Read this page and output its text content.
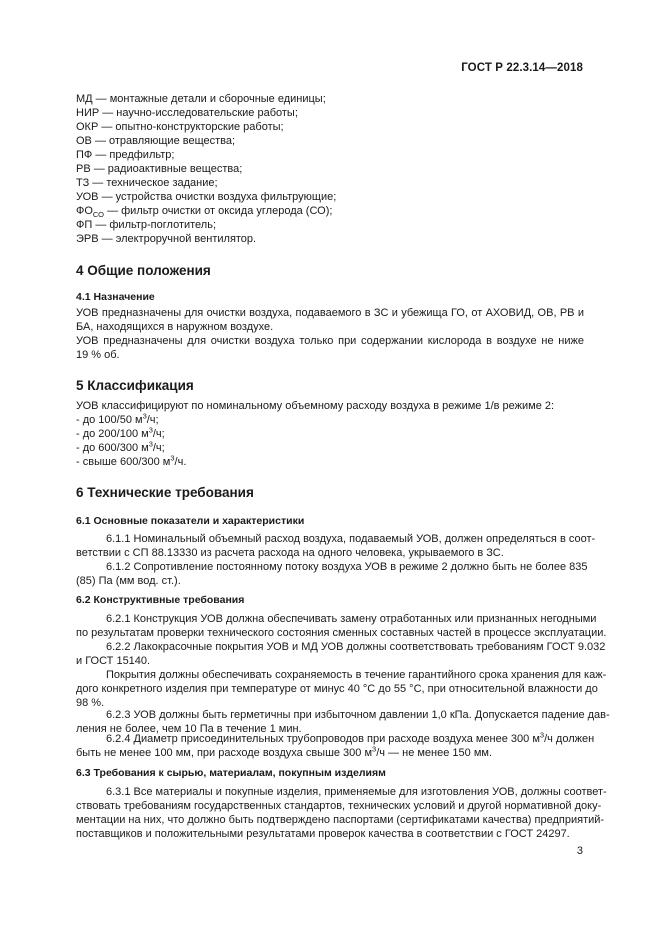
ГОСТ Р 22.3.14—2018
МД — монтажные детали и сборочные единицы;
НИР — научно-исследовательские работы;
ОКР — опытно-конструкторские работы;
ОВ — отравляющие вещества;
ПФ — предфильтр;
РВ — радиоактивные вещества;
ТЗ — техническое задание;
УОВ — устройства очистки воздуха фильтрующие;
$ФО_{СО}$ — фильтр очистки от оксида углерода (СО);
ФП — фильтр-поглотитель;
ЭРВ — электроручной вентилятор.
4 Общие положения
4.1 Назначение
УОВ предназначены для очистки воздуха, подаваемого в ЗС и убежища ГО, от АХОВИД, ОВ, РВ и
БА, находящихся в наружном воздухе.
УОВ предназначены для очистки воздуха только при содержании кислорода в воздухе не ниже
19 % об.
5 Классификация
УОВ классифицируют по номинальному объемному расходу воздуха в режиме 1/в режиме 2:
- до 100/50 $м^3/ч$;
- до 200/100 $м^3/ч$;
- до 600/300 $м^3/ч$;
- свыше 600/300 $м^3/ч$.
6 Технические требования
6.1 Основные показатели и характеристики
6.1.1 Номинальный объемный расход воздуха, подаваемый УОВ, должен определяться в соот-
ветствии с СП 88.13330 из расчета расхода на одного человека, укрываемого в ЗС.
6.1.2 Сопротивление постоянному потоку воздуха УОВ в режиме 2 должно быть не более 835
(85) Па (мм вод. ст.).
6.2 Конструктивные требования
6.2.1 Конструкция УОВ должна обеспечивать замену отработанных или признанных негодными
по результатам проверки технического состояния сменных составных частей в процессе эксплуатации.
6.2.2 Лакокрасочные покрытия УОВ и МД УОВ должны соответствовать требованиям ГОСТ 9.032
и ГОСТ 15140.
Покрытия должны обеспечивать сохраняемость в течение гарантийного срока хранения для каж-
дого конкретного изделия при температуре от минус 40 °С до 55 °С, при относительной влажности до
98 %.
6.2.3 УОВ должны быть герметичны при избыточном давлении 1,0 кПа. Допускается падение дав-
ления не более, чем 10 Па в течение 1 мин.
6.2.4 Диаметр присоединительных трубопроводов при расходе воздуха менее 300 $м^3/ч$ должен
быть не менее 100 мм, при расходе воздуха свыше 300 $м^3/ч$ — не менее 150 мм.
6.3 Требования к сырью, материалам, покупным изделиям
6.3.1 Все материалы и покупные изделия, применяемые для изготовления УОВ, должны соответ-
ствовать требованиям государственных стандартов, технических условий и другой нормативной доку-
ментации на них, что должно быть подтверждено паспортами (сертификатами качества) предприятий-
поставщиков и положительными результатами проверок качества в соответствии с ГОСТ 24297.
3
